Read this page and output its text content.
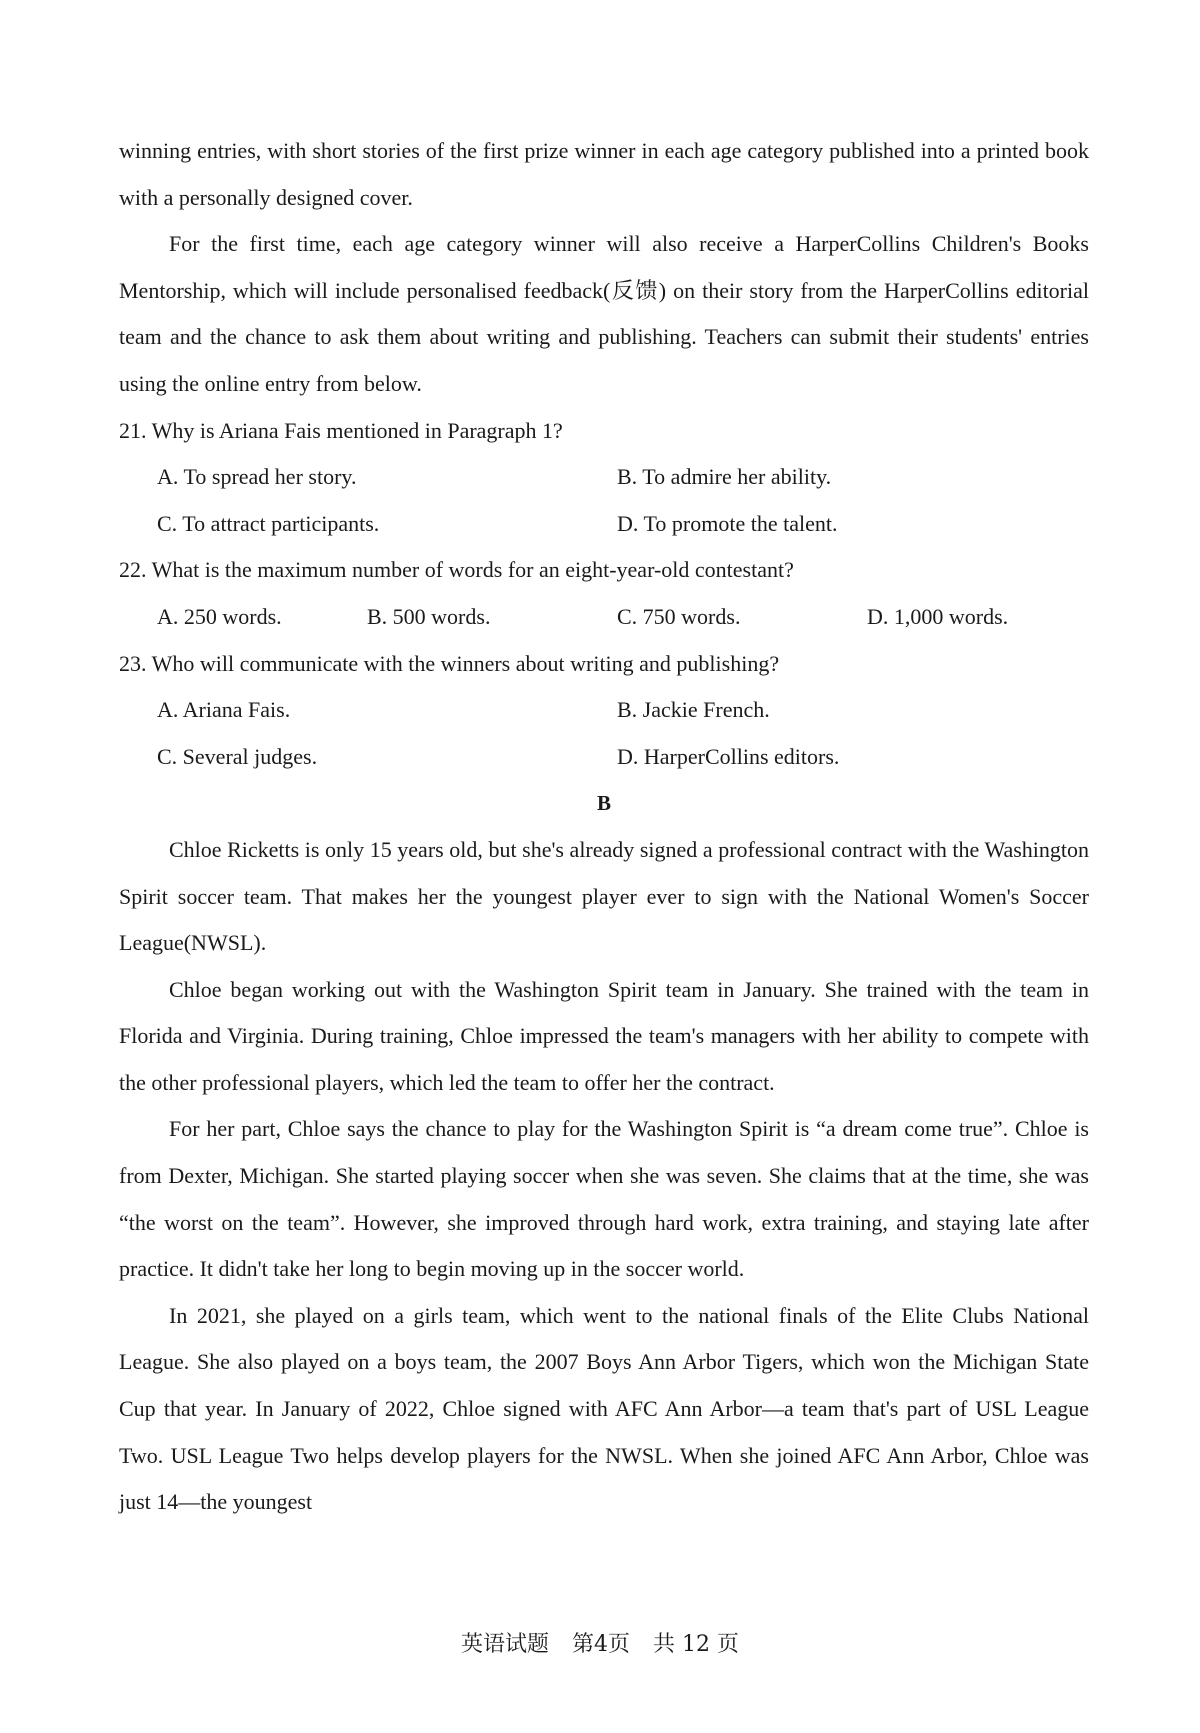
winning entries, with short stories of the first prize winner in each age category published into a printed book with a personally designed cover.

For the first time, each age category winner will also receive a HarperCollins Children's Books Mentorship, which will include personalised feedback(反馈) on their story from the HarperCollins editorial team and the chance to ask them about writing and publishing. Teachers can submit their students' entries using the online entry from below.

21. Why is Ariana Fais mentioned in Paragraph 1?

A. To spread her story.	B. To admire her ability.
C. To attract participants.	D. To promote the talent.

22. What is the maximum number of words for an eight-year-old contestant?

A. 250 words.	B. 500 words.	C. 750 words.	D. 1,000 words.

23. Who will communicate with the winners about writing and publishing?

A. Ariana Fais.	B. Jackie French.
C. Several judges.	D. HarperCollins editors.
B

Chloe Ricketts is only 15 years old, but she's already signed a professional contract with the Washington Spirit soccer team. That makes her the youngest player ever to sign with the National Women's Soccer League(NWSL).

Chloe began working out with the Washington Spirit team in January. She trained with the team in Florida and Virginia. During training, Chloe impressed the team's managers with her ability to compete with the other professional players, which led the team to offer her the contract.

For her part, Chloe says the chance to play for the Washington Spirit is “a dream come true”. Chloe is from Dexter, Michigan. She started playing soccer when she was seven. She claims that at the time, she was “the worst on the team”. However, she improved through hard work, extra training, and staying late after practice. It didn't take her long to begin moving up in the soccer world.

In 2021, she played on a girls team, which went to the national finals of the Elite Clubs National League. She also played on a boys team, the 2007 Boys Ann Arbor Tigers, which won the Michigan State Cup that year. In January of 2022, Chloe signed with AFC Ann Arbor—a team that's part of USL League Two. USL League Two helps develop players for the NWSL. When she joined AFC Ann Arbor, Chloe was just 14—the youngest

英语试题 第4页 共 12 页
